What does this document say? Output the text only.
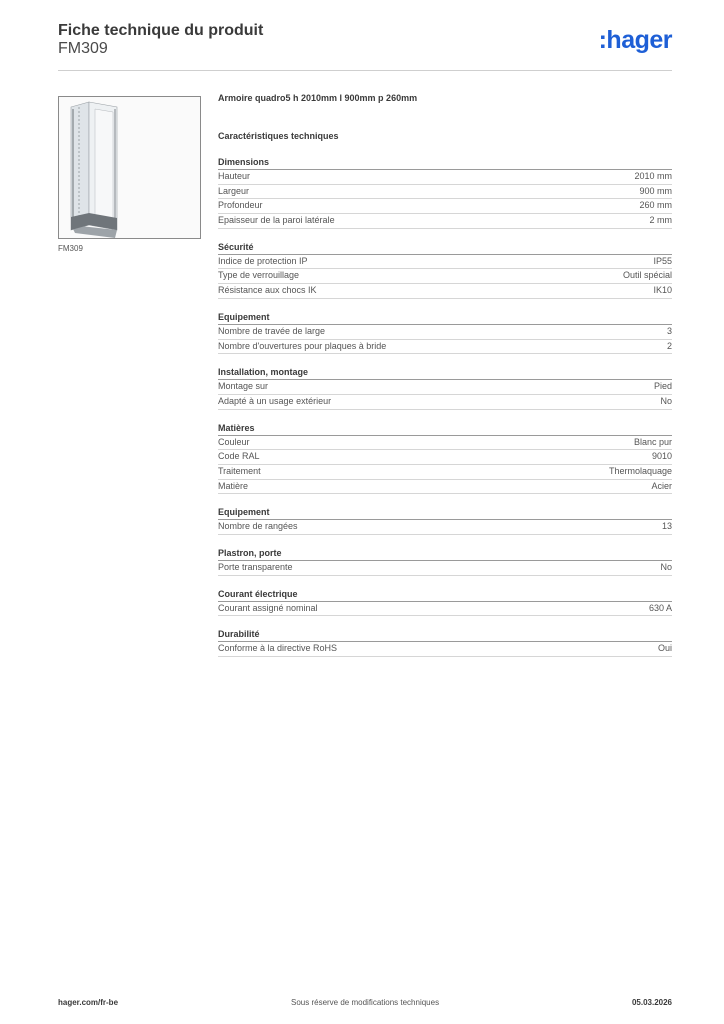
Fiche technique du produit
FM309	:hager
FM309
Armoire quadro5 h 2010mm l 900mm p 260mm
Caractéristiques techniques
Dimensions
Hauteur	2010 mm
Largeur	900 mm
Profondeur	260 mm
Epaisseur de la paroi latérale	2 mm
Sécurité
Indice de protection IP	IP55
Type de verrouillage	Outil spécial
Résistance aux chocs IK	IK10
Equipement
Nombre de travée de large	3
Nombre d'ouvertures pour plaques à bride	2
Installation, montage
Montage sur	Pied
Adapté à un usage extérieur	No
Matières
Couleur	Blanc pur
Code RAL	9010
Traitement	Thermolaquage
Matière	Acier
Equipement
Nombre de rangées	13
Plastron, porte
Porte transparente	No
Courant électrique
Courant assigné nominal	630 A
Durabilité
Conforme à la directive RoHS	Oui
hager.com/fr-be	Sous réserve de modifications techniques	05.03.2026
